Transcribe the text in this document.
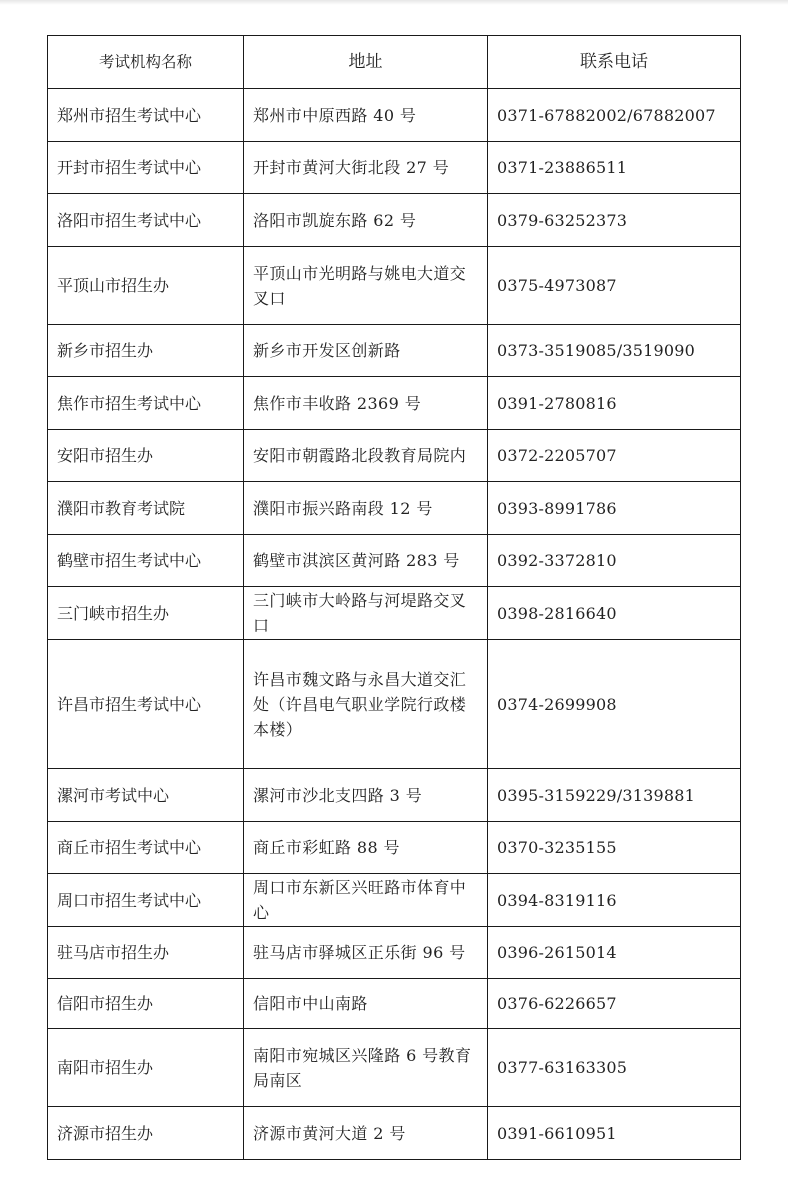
考试机构名称	地址	联系电话
郑州市招生考试中心	郑州市中原西路 40 号	0371-67882002/67882007
开封市招生考试中心	开封市黄河大街北段 27 号	0371-23886511
洛阳市招生考试中心	洛阳市凯旋东路 62 号	0379-63252373
平顶山市招生办	平顶山市光明路与姚电大道交叉口	0375-4973087
新乡市招生办	新乡市开发区创新路	0373-3519085/3519090
焦作市招生考试中心	焦作市丰收路 2369 号	0391-2780816
安阳市招生办	安阳市朝霞路北段教育局院内	0372-2205707
濮阳市教育考试院	濮阳市振兴路南段 12 号	0393-8991786
鹤壁市招生考试中心	鹤壁市淇滨区黄河路 283 号	0392-3372810
三门峡市招生办	三门峡市大岭路与河堤路交叉口	0398-2816640
许昌市招生考试中心	许昌市魏文路与永昌大道交汇处（许昌电气职业学院行政楼本楼）	0374-2699908
漯河市考试中心	漯河市沙北支四路 3 号	0395-3159229/3139881
商丘市招生考试中心	商丘市彩虹路 88 号	0370-3235155
周口市招生考试中心	周口市东新区兴旺路市体育中心	0394-8319116
驻马店市招生办	驻马店市驿城区正乐街 96 号	0396-2615014
信阳市招生办	信阳市中山南路	0376-6226657
南阳市招生办	南阳市宛城区兴隆路 6 号教育局南区	0377-63163305
济源市招生办	济源市黄河大道 2 号	0391-6610951
